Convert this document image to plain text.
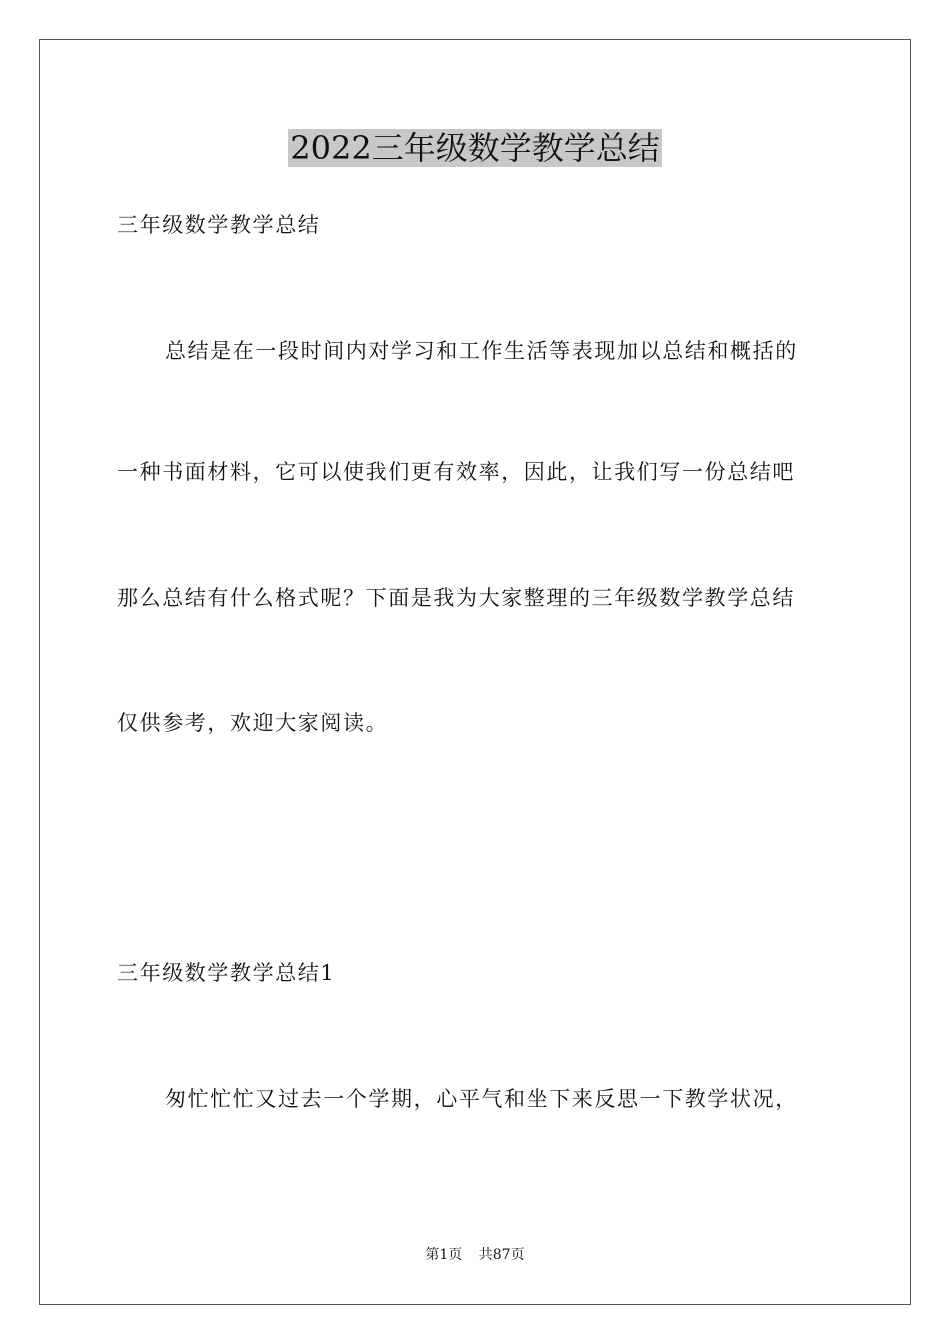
2022三年级数学教学总结
三年级数学教学总结
总结是在一段时间内对学习和工作生活等表现加以总结和概括的
一种书面材料，它可以使我们更有效率，因此，让我们写一份总结吧
那么总结有什么格式呢？下面是我为大家整理的三年级数学教学总结
仅供参考，欢迎大家阅读。
三年级数学教学总结1
匆忙忙忙又过去一个学期，心平气和坐下来反思一下教学状况，
第1页 共87页
